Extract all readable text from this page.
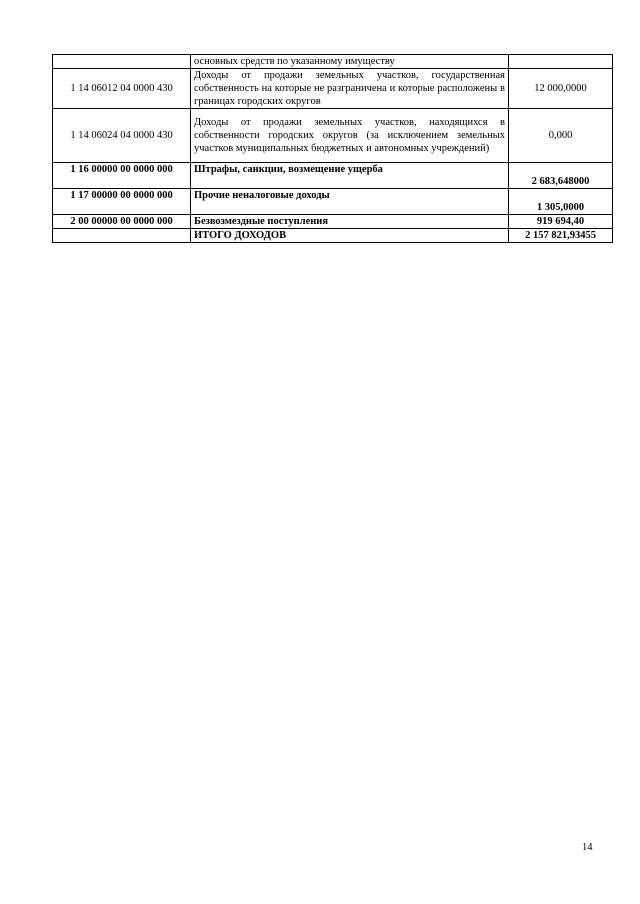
	основных средств по указанному имуществу	
1 14 06012 04 0000 430	Доходы от продажи земельных участков, государственная собственность на которые не разграничена и которые расположены в границах городских округов	12 000,0000
1 14 06024 04 0000 430	Доходы от продажи земельных участков, находящихся в собственности городских округов (за исключением земельных участков муниципальных бюджетных и автономных учреждений)	0,000
1 16 00000 00 0000 000	Штрафы, санкции, возмещение ущерба	2 683,648000
1 17 00000 00 0000 000	Прочие неналоговые доходы	1 305,0000
2 00 00000 00 0000 000	Безвозмездные поступления	919 694,40
	ИТОГО ДОХОДОВ	2 157 821,93455
14
